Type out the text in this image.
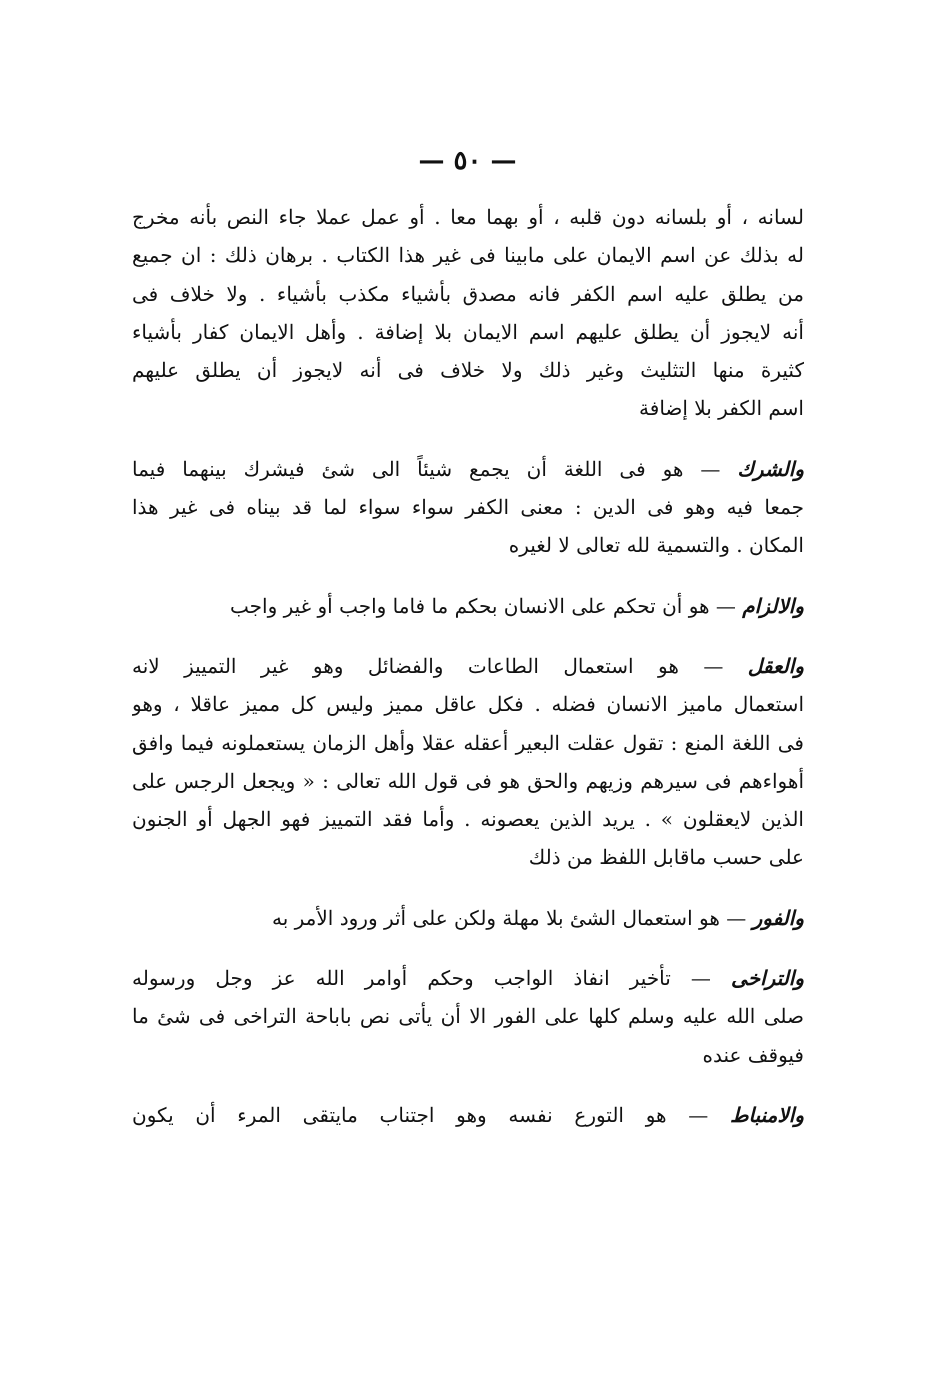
— ٥٠ —
لسانه ، أو بلسانه دون قلبه ، أو بهما معا . أو عمل عملا جاء النص بأنه مخرج
له بذلك عن اسم الايمان على مابينا فى غير هذا الكتاب . برهان ذلك : ان جميع
من يطلق عليه اسم الكفر فانه مصدق بأشياء مكذب بأشياء . ولا خلاف فى
أنه لايجوز أن يطلق عليهم اسم الايمان بلا إضافة . وأهل الايمان كفار بأشياء
كثيرة منها التثليث وغير ذلك ولا خلاف فى أنه لايجوز أن يطلق عليهم
اسم الكفر بلا إضافة
والشرك — هو فى اللغة أن يجمع شيئاً الى شئ فيشرك بينهما فيما
جمعا فيه وهو فى الدين : معنى الكفر سواء سواء لما قد بيناه فى غير هذا
المكان . والتسمية لله تعالى لا لغيره
والالزام — هو أن تحكم على الانسان بحكم ما فاما واجب أو غير واجب
والعقل — هو استعمال الطاعات والفضائل وهو غير التمييز لانه
استعمال ماميز الانسان فضله . فكل عاقل مميز وليس كل مميز عاقلا ، وهو
فى اللغة المنع : تقول عقلت البعير أعقله عقلا وأهل الزمان يستعملونه فيما وافق
أهواءهم فى سيرهم وزيهم والحق هو فى قول الله تعالى : « ويجعل الرجس على
الذين لايعقلون » . يريد الذين يعصونه . وأما فقد التمييز فهو الجهل أو الجنون
على حسب ماقابل اللفظ من ذلك
والفور — هو استعمال الشئ بلا مهلة ولكن على أثر ورود الأمر به
والتراخى — تأخير انفاذ الواجب وحكم أوامر الله عز وجل ورسوله
صلى الله عليه وسلم كلها على الفور الا أن يأتى نص باباحة التراخى فى شئ ما
فيوقف عنده
والامنباط — هو التورع نفسه وهو اجتناب مايتقى المرء أن يكون
